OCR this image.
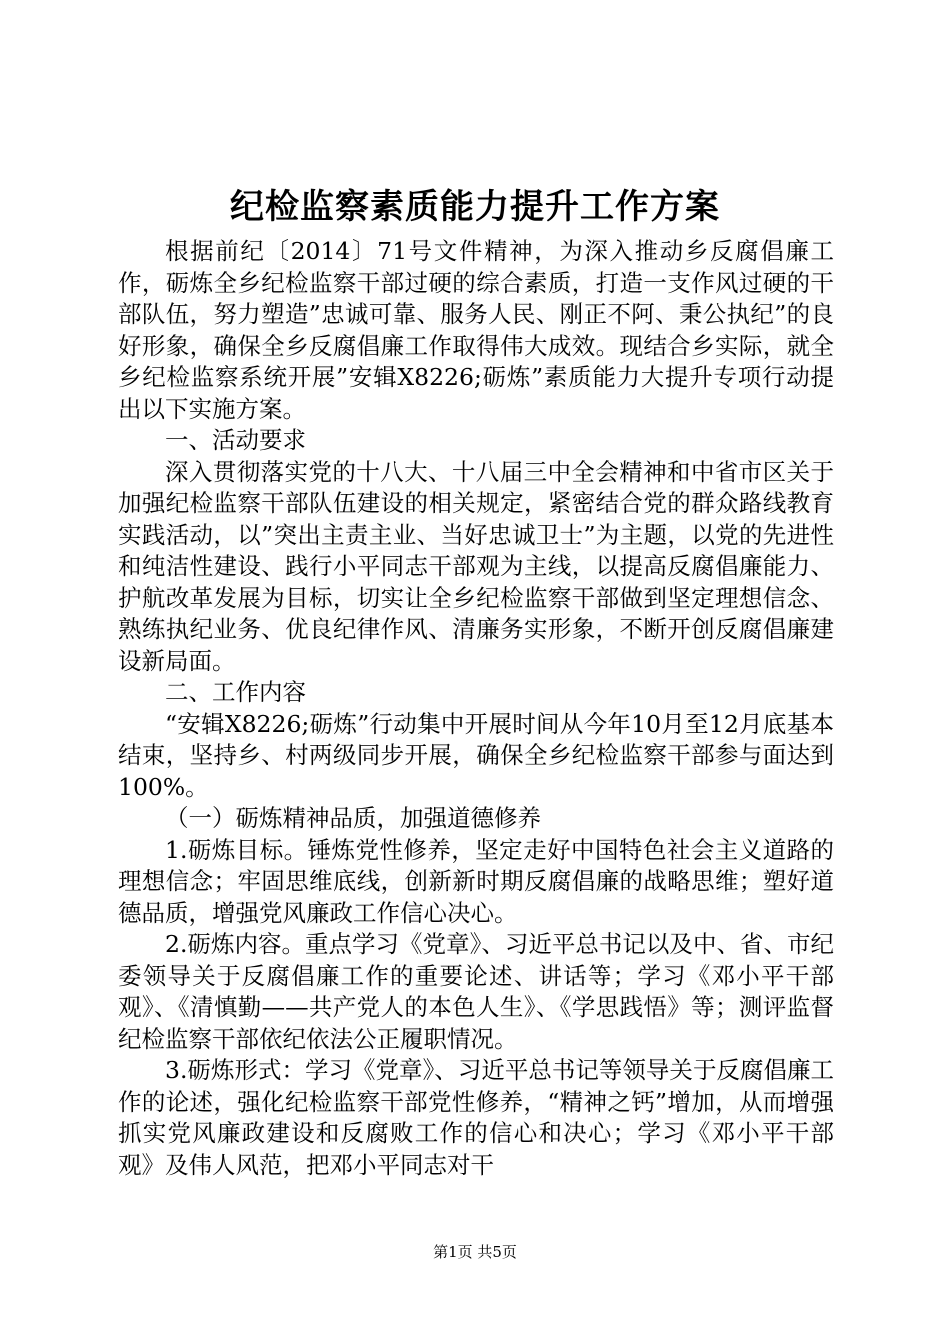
纪检监察素质能力提升工作方案

根据前纪〔2014〕71号文件精神，为深入推动乡反腐倡廉工作，砺炼全乡纪检监察干部过硬的综合素质，打造一支作风过硬的干部队伍，努力塑造”忠诚可靠、服务人民、刚正不阿、秉公执纪”的良好形象，确保全乡反腐倡廉工作取得伟大成效。现结合乡实际，就全乡纪检监察系统开展”安辑X8226;砺炼”素质能力大提升专项行动提出以下实施方案。

一、活动要求

深入贯彻落实党的十八大、十八届三中全会精神和中省市区关于加强纪检监察干部队伍建设的相关规定，紧密结合党的群众路线教育实践活动，以”突出主责主业、当好忠诚卫士”为主题，以党的先进性和纯洁性建设、践行小平同志干部观为主线，以提高反腐倡廉能力、护航改革发展为目标，切实让全乡纪检监察干部做到坚定理想信念、熟练执纪业务、优良纪律作风、清廉务实形象，不断开创反腐倡廉建设新局面。

二、工作内容

“安辑X8226;砺炼”行动集中开展时间从今年10月至12月底基本结束，坚持乡、村两级同步开展，确保全乡纪检监察干部参与面达到100%。

（一）砺炼精神品质，加强道德修养

1.砺炼目标。锤炼党性修养，坚定走好中国特色社会主义道路的理想信念；牢固思维底线，创新新时期反腐倡廉的战略思维；塑好道德品质，增强党风廉政工作信心决心。

2.砺炼内容。重点学习《党章》、习近平总书记以及中、省、市纪委领导关于反腐倡廉工作的重要论述、讲话等；学习《邓小平干部观》、《清慎勤——共产党人的本色人生》、《学思践悟》等；测评监督纪检监察干部依纪依法公正履职情况。

3.砺炼形式：学习《党章》、习近平总书记等领导关于反腐倡廉工作的论述，强化纪检监察干部党性修养，“精神之钙”增加，从而增强抓实党风廉政建设和反腐败工作的信心和决心；学习《邓小平干部观》及伟人风范，把邓小平同志对干

第1页 共5页
